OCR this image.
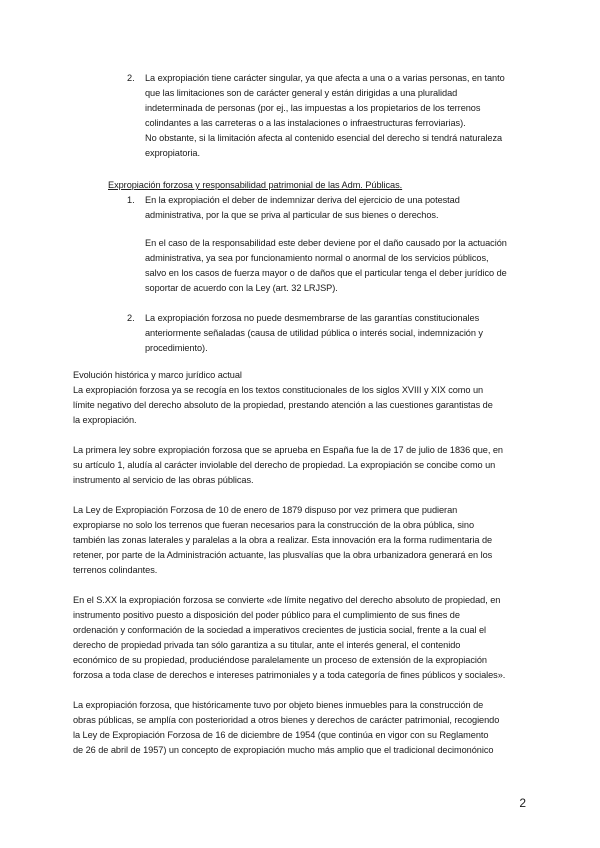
2. La expropiación tiene carácter singular, ya que afecta a una o a varias personas, en tanto
que las limitaciones son de carácter general y están dirigidas a una pluralidad
indeterminada de personas (por ej., las impuestas a los propietarios de los terrenos
colindantes a las carreteras o a las instalaciones o infraestructuras ferroviarias).
No obstante, si la limitación afecta al contenido esencial del derecho si tendrá naturaleza
expropiatoria.
Expropiación forzosa y responsabilidad patrimonial de las Adm. Públicas.
1. En la expropiación el deber de indemnizar deriva del ejercicio de una potestad
administrativa, por la que se priva al particular de sus bienes o derechos.
En el caso de la responsabilidad este deber deviene por el daño causado por la actuación
administrativa, ya sea por funcionamiento normal o anormal de los servicios públicos,
salvo en los casos de fuerza mayor o de daños que el particular tenga el deber jurídico de
soportar de acuerdo con la Ley (art. 32 LRJSP).
2. La expropiación forzosa no puede desmembrarse de las garantías constitucionales
anteriormente señaladas (causa de utilidad pública o interés social, indemnización y
procedimiento).
Evolución histórica y marco jurídico actual
La expropiación forzosa ya se recogía en los textos constitucionales de los siglos XVIII y XIX como un
límite negativo del derecho absoluto de la propiedad, prestando atención a las cuestiones garantistas de
la expropiación.
La primera ley sobre expropiación forzosa que se aprueba en España fue la de 17 de julio de 1836 que, en
su artículo 1, aludía al carácter inviolable del derecho de propiedad. La expropiación se concibe como un
instrumento al servicio de las obras públicas.
La Ley de Expropiación Forzosa de 10 de enero de 1879 dispuso por vez primera que pudieran
expropiarse no solo los terrenos que fueran necesarios para la construcción de la obra pública, sino
también las zonas laterales y paralelas a la obra a realizar. Esta innovación era la forma rudimentaria de
retener, por parte de la Administración actuante, las plusvalías que la obra urbanizadora generará en los
terrenos colindantes.
En el S.XX la expropiación forzosa se convierte «de límite negativo del derecho absoluto de propiedad, en
instrumento positivo puesto a disposición del poder público para el cumplimiento de sus fines de
ordenación y conformación de la sociedad a imperativos crecientes de justicia social, frente a la cual el
derecho de propiedad privada tan sólo garantiza a su titular, ante el interés general, el contenido
económico de su propiedad, produciéndose paralelamente un proceso de extensión de la expropiación
forzosa a toda clase de derechos e intereses patrimoniales y a toda categoría de fines públicos y sociales».
La expropiación forzosa, que históricamente tuvo por objeto bienes inmuebles para la construcción de
obras públicas, se amplía con posterioridad a otros bienes y derechos de carácter patrimonial, recogiendo
la Ley de Expropiación Forzosa de 16 de diciembre de 1954 (que continúa en vigor con su Reglamento
de 26 de abril de 1957) un concepto de expropiación mucho más amplio que el tradicional decimonónico
2
